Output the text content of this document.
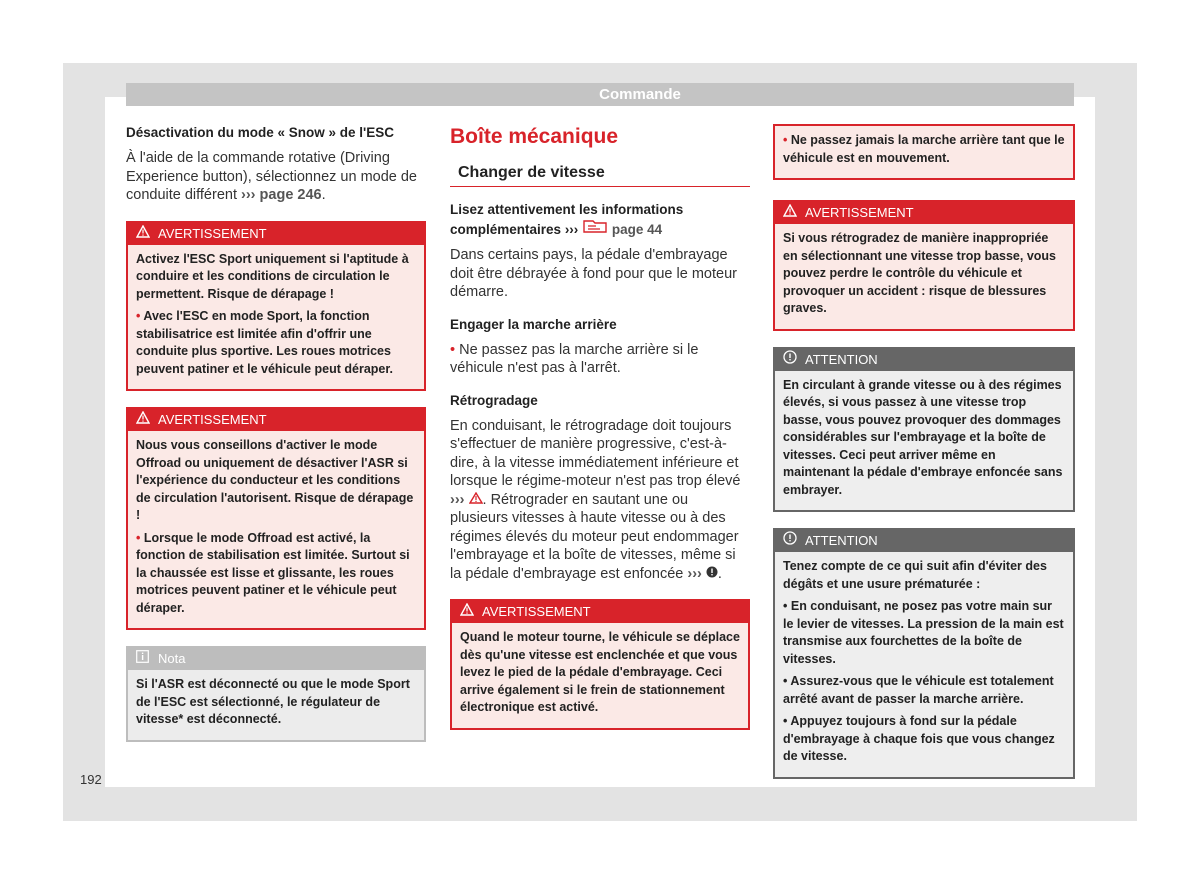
Commande
Désactivation du mode « Snow » de l'ESC

À l'aide de la commande rotative (Driving Experience button), sélectionnez un mode de conduite différent ››› page 246.

AVERTISSEMENT

Activez l'ESC Sport uniquement si l'aptitude à conduire et les conditions de circulation le permettent. Risque de dérapage !

• Avec l'ESC en mode Sport, la fonction stabilisatrice est limitée afin d'offrir une conduite plus sportive. Les roues motrices peuvent patiner et le véhicule peut déraper.

AVERTISSEMENT

Nous vous conseillons d'activer le mode Offroad ou uniquement de désactiver l'ASR si l'expérience du conducteur et les conditions de circulation l'autorisent. Risque de dérapage !

• Lorsque le mode Offroad est activé, la fonction de stabilisation est limitée. Surtout si la chaussée est lisse et glissante, les roues motrices peuvent patiner et le véhicule peut déraper.

Nota

Si l'ASR est déconnecté ou que le mode Sport de l'ESC est sélectionné, le régulateur de vitesse* est déconnecté.

Boîte mécanique
Changer de vitesse
Lisez attentivement les informations complémentaires ››› page 44

Dans certains pays, la pédale d'embrayage doit être débrayée à fond pour que le moteur démarre.

Engager la marche arrière

• Ne passez pas la marche arrière si le véhicule n'est pas à l'arrêt.

Rétrogradage

En conduisant, le rétrogradage doit toujours s'effectuer de manière progressive, c'est-à-dire, à la vitesse immédiatement inférieure et lorsque le régime-moteur n'est pas trop élevé ››› . Rétrograder en sautant une ou plusieurs vitesses à haute vitesse ou à des régimes élevés du moteur peut endommager l'embrayage et la boîte de vitesses, même si la pédale d'embrayage est enfoncée ››› .

AVERTISSEMENT

Quand le moteur tourne, le véhicule se déplace dès qu'une vitesse est enclenchée et que vous levez le pied de la pédale d'embrayage. Ceci arrive également si le frein de stationnement électronique est activé.

• Ne passez jamais la marche arrière tant que le véhicule est en mouvement.

AVERTISSEMENT

Si vous rétrogradez de manière inappropriée en sélectionnant une vitesse trop basse, vous pouvez perdre le contrôle du véhicule et provoquer un accident : risque de blessures graves.

ATTENTION

En circulant à grande vitesse ou à des régimes élevés, si vous passez à une vitesse trop basse, vous pouvez provoquer des dommages considérables sur l'embrayage et la boîte de vitesses. Ceci peut arriver même en maintenant la pédale d'embraye enfoncée sans embrayer.

ATTENTION

Tenez compte de ce qui suit afin d'éviter des dégâts et une usure prématurée :

• En conduisant, ne posez pas votre main sur le levier de vitesses. La pression de la main est transmise aux fourchettes de la boîte de vitesses.

• Assurez-vous que le véhicule est totalement arrêté avant de passer la marche arrière.

• Appuyez toujours à fond sur la pédale d'embrayage à chaque fois que vous changez de vitesse.

192
